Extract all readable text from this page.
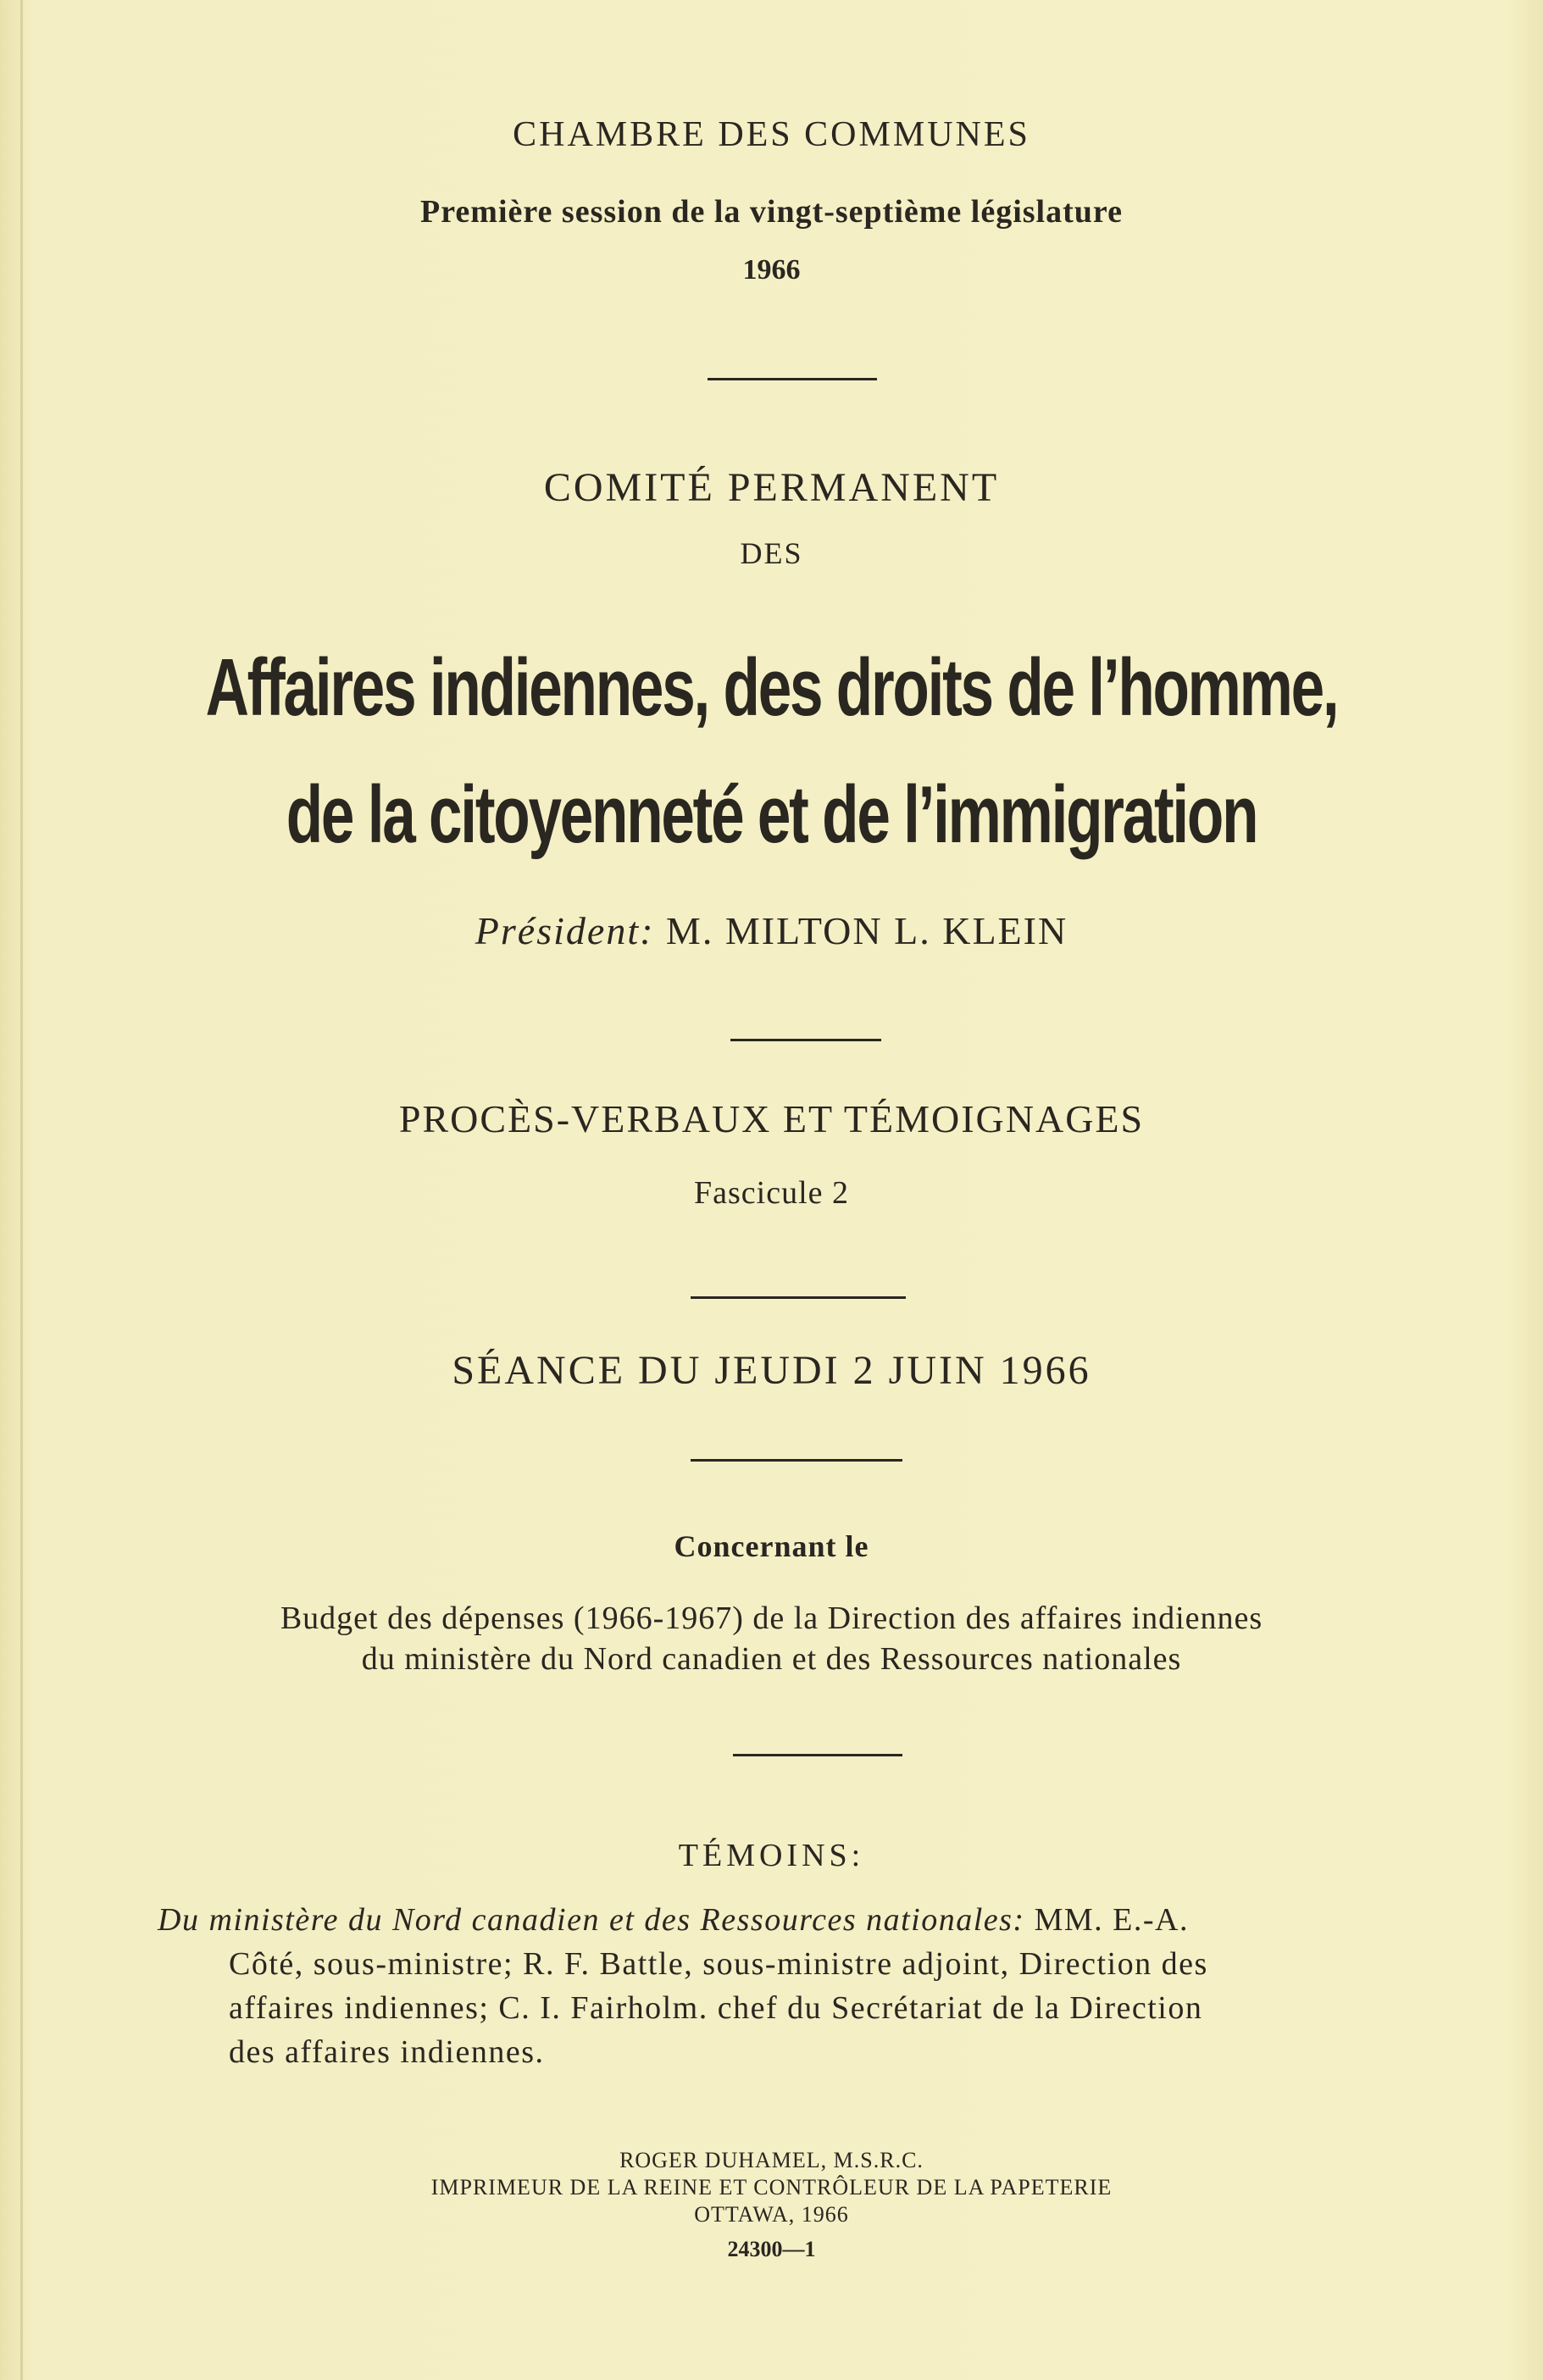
CHAMBRE DES COMMUNES
Première session de la vingt-septième législature
1966
COMITÉ PERMANENT
DES
Affaires indiennes, des droits de l’homme,
de la citoyenneté et de l’immigration
Président: M. MILTON L. KLEIN
PROCÈS-VERBAUX ET TÉMOIGNAGES
Fascicule 2
SÉANCE DU JEUDI 2 JUIN 1966
Concernant le
Budget des dépenses (1966-1967) de la Direction des affaires indiennes
du ministère du Nord canadien et des Ressources nationales
TÉMOINS:
Du ministère du Nord canadien et des Ressources nationales: MM. E.-A.
Côté, sous-ministre; R. F. Battle, sous-ministre adjoint, Direction des
affaires indiennes; C. I. Fairholm. chef du Secrétariat de la Direction
des affaires indiennes.
ROGER DUHAMEL, M.S.R.C.
IMPRIMEUR DE LA REINE ET CONTRÔLEUR DE LA PAPETERIE
OTTAWA, 1966
24300—1
